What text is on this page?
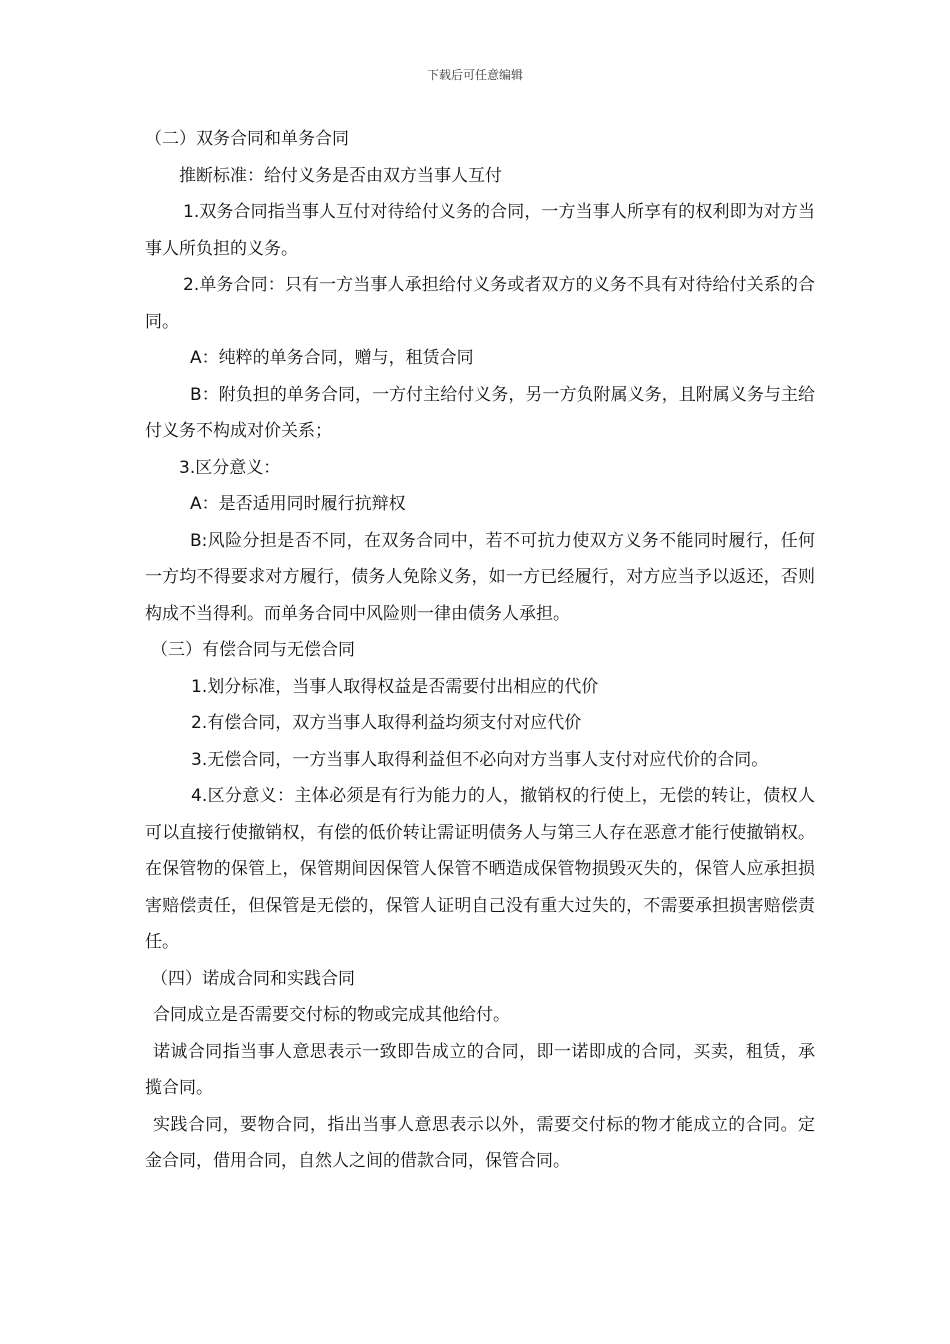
下载后可任意编辑

（二）双务合同和单务合同

推断标准：给付义务是否由双方当事人互付

1.双务合同指当事人互付对待给付义务的合同，一方当事人所享有的权利即为对方当事人所负担的义务。

2.单务合同：只有一方当事人承担给付义务或者双方的义务不具有对待给付关系的合同。

A：纯粹的单务合同，赠与，租赁合同

B：附负担的单务合同，一方付主给付义务，另一方负附属义务，且附属义务与主给付义务不构成对价关系；

3.区分意义：

A：是否适用同时履行抗辩权

B:风险分担是否不同，在双务合同中，若不可抗力使双方义务不能同时履行，任何一方均不得要求对方履行，债务人免除义务，如一方已经履行，对方应当予以返还，否则构成不当得利。而单务合同中风险则一律由债务人承担。

（三）有偿合同与无偿合同

1.划分标准，当事人取得权益是否需要付出相应的代价

2.有偿合同，双方当事人取得利益均须支付对应代价

3.无偿合同，一方当事人取得利益但不必向对方当事人支付对应代价的合同。

4.区分意义：主体必须是有行为能力的人，撤销权的行使上，无偿的转让，债权人可以直接行使撤销权，有偿的低价转让需证明债务人与第三人存在恶意才能行使撤销权。在保管物的保管上，保管期间因保管人保管不晒造成保管物损毁灭失的，保管人应承担损害赔偿责任，但保管是无偿的，保管人证明自己没有重大过失的，不需要承担损害赔偿责任。

（四）诺成合同和实践合同

合同成立是否需要交付标的物或完成其他给付。

诺诚合同指当事人意思表示一致即告成立的合同，即一诺即成的合同，买卖，租赁，承揽合同。

实践合同，要物合同，指出当事人意思表示以外，需要交付标的物才能成立的合同。定金合同，借用合同，自然人之间的借款合同，保管合同。
